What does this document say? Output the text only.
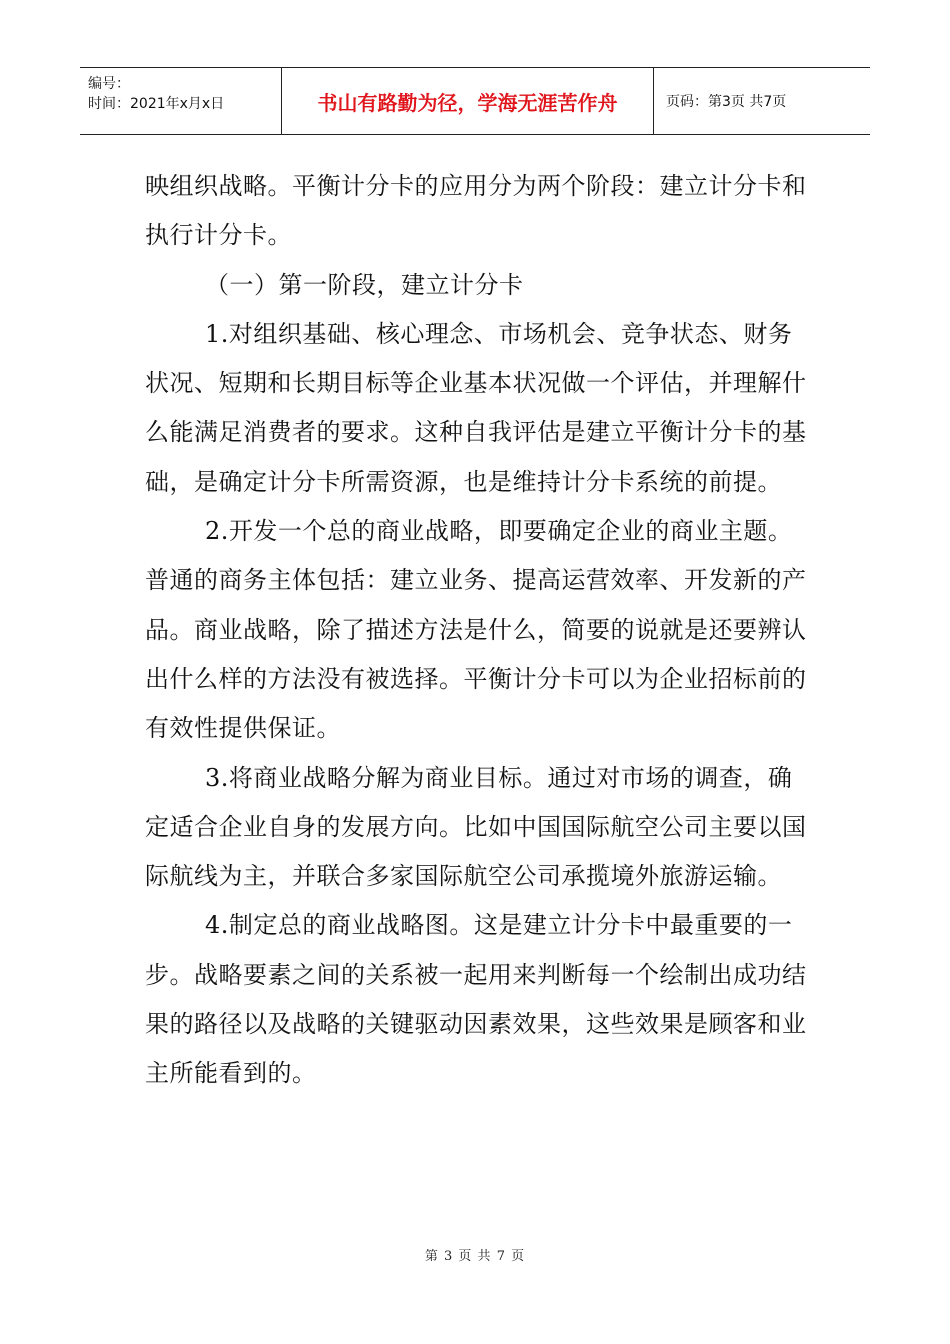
编号：
时间：2021年x月x日	书山有路勤为径，学海无涯苦作舟	页码：第3页 共7页

映组织战略。平衡计分卡的应用分为两个阶段：建立计分卡和执行计分卡。

（一）第一阶段，建立计分卡

1.对组织基础、核心理念、市场机会、竞争状态、财务状况、短期和长期目标等企业基本状况做一个评估，并理解什么能满足消费者的要求。这种自我评估是建立平衡计分卡的基础，是确定计分卡所需资源，也是维持计分卡系统的前提。

2.开发一个总的商业战略，即要确定企业的商业主题。普通的商务主体包括：建立业务、提高运营效率、开发新的产品。商业战略，除了描述方法是什么，简要的说就是还要辨认出什么样的方法没有被选择。平衡计分卡可以为企业招标前的有效性提供保证。

3.将商业战略分解为商业目标。通过对市场的调查，确定适合企业自身的发展方向。比如中国国际航空公司主要以国际航线为主，并联合多家国际航空公司承揽境外旅游运输。

4.制定总的商业战略图。这是建立计分卡中最重要的一步。战略要素之间的关系被一起用来判断每一个绘制出成功结果的路径以及战略的关键驱动因素效果，这些效果是顾客和业主所能看到的。

第 3 页 共 7 页
